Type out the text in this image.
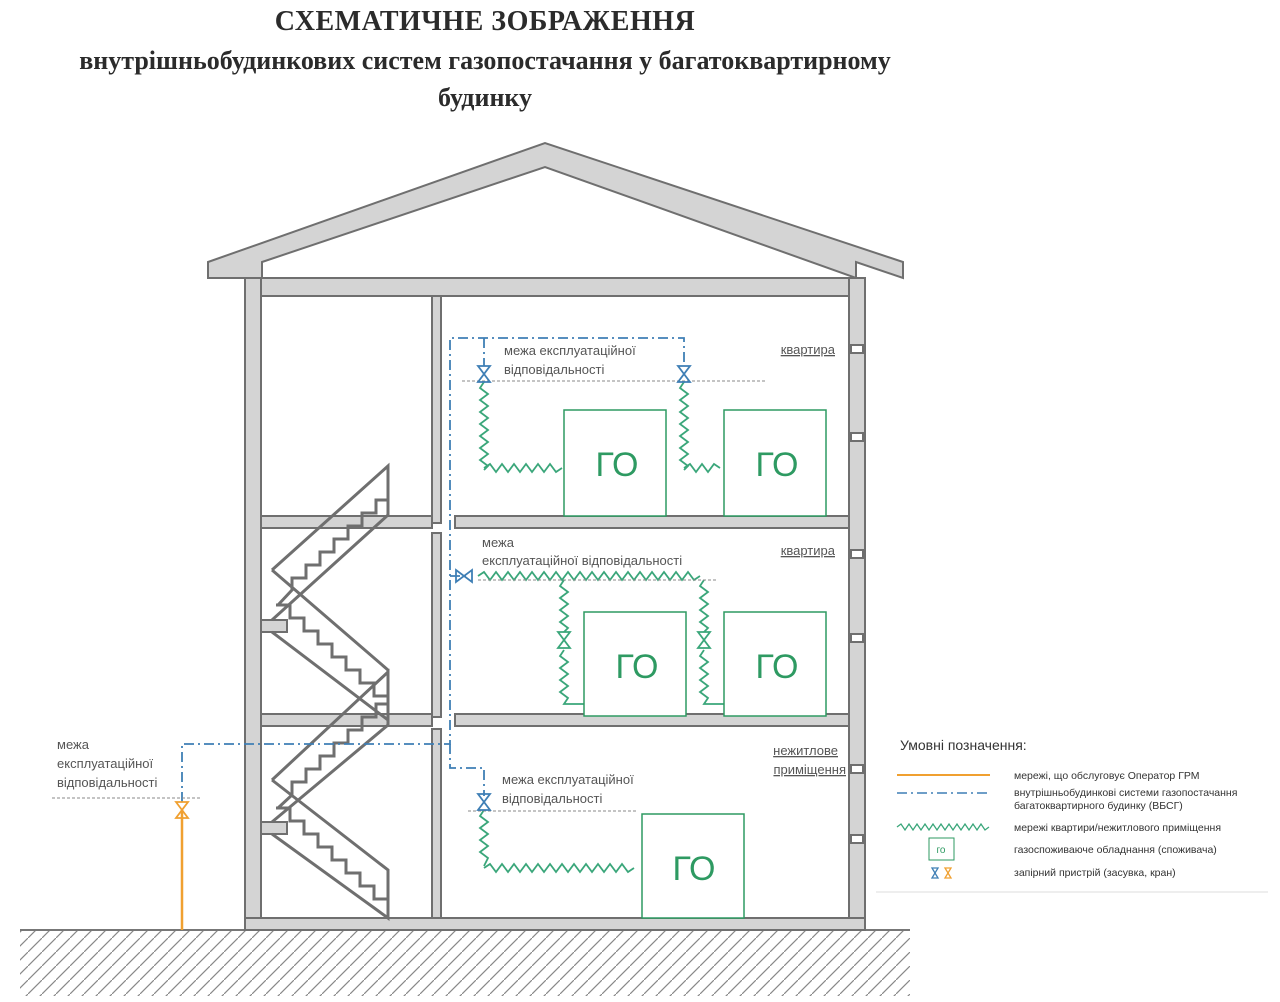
СХЕМАТИЧНЕ ЗОБРАЖЕННЯ
внутрішньобудинкових систем газопостачання у багатоквартирному
будинку
ГО	ГО
ГО	ГО
ГО
квартира
квартира
нежитлове
приміщення
межа експлуатаційної
відповідальності
межа
експлуатаційної відповідальності
межа експлуатаційної
відповідальності
межа
експлуатаційної
відповідальності
Умовні позначення:
мережі, що обслуговує Оператор ГРМ
внутрішньобудинкові системи газопостачання
багатоквартирного будинку (ВБСГ)
мережі квартири/нежитлового приміщення
го	газоспоживаюче обладнання (споживача)
запірний пристрій (засувка, кран)
